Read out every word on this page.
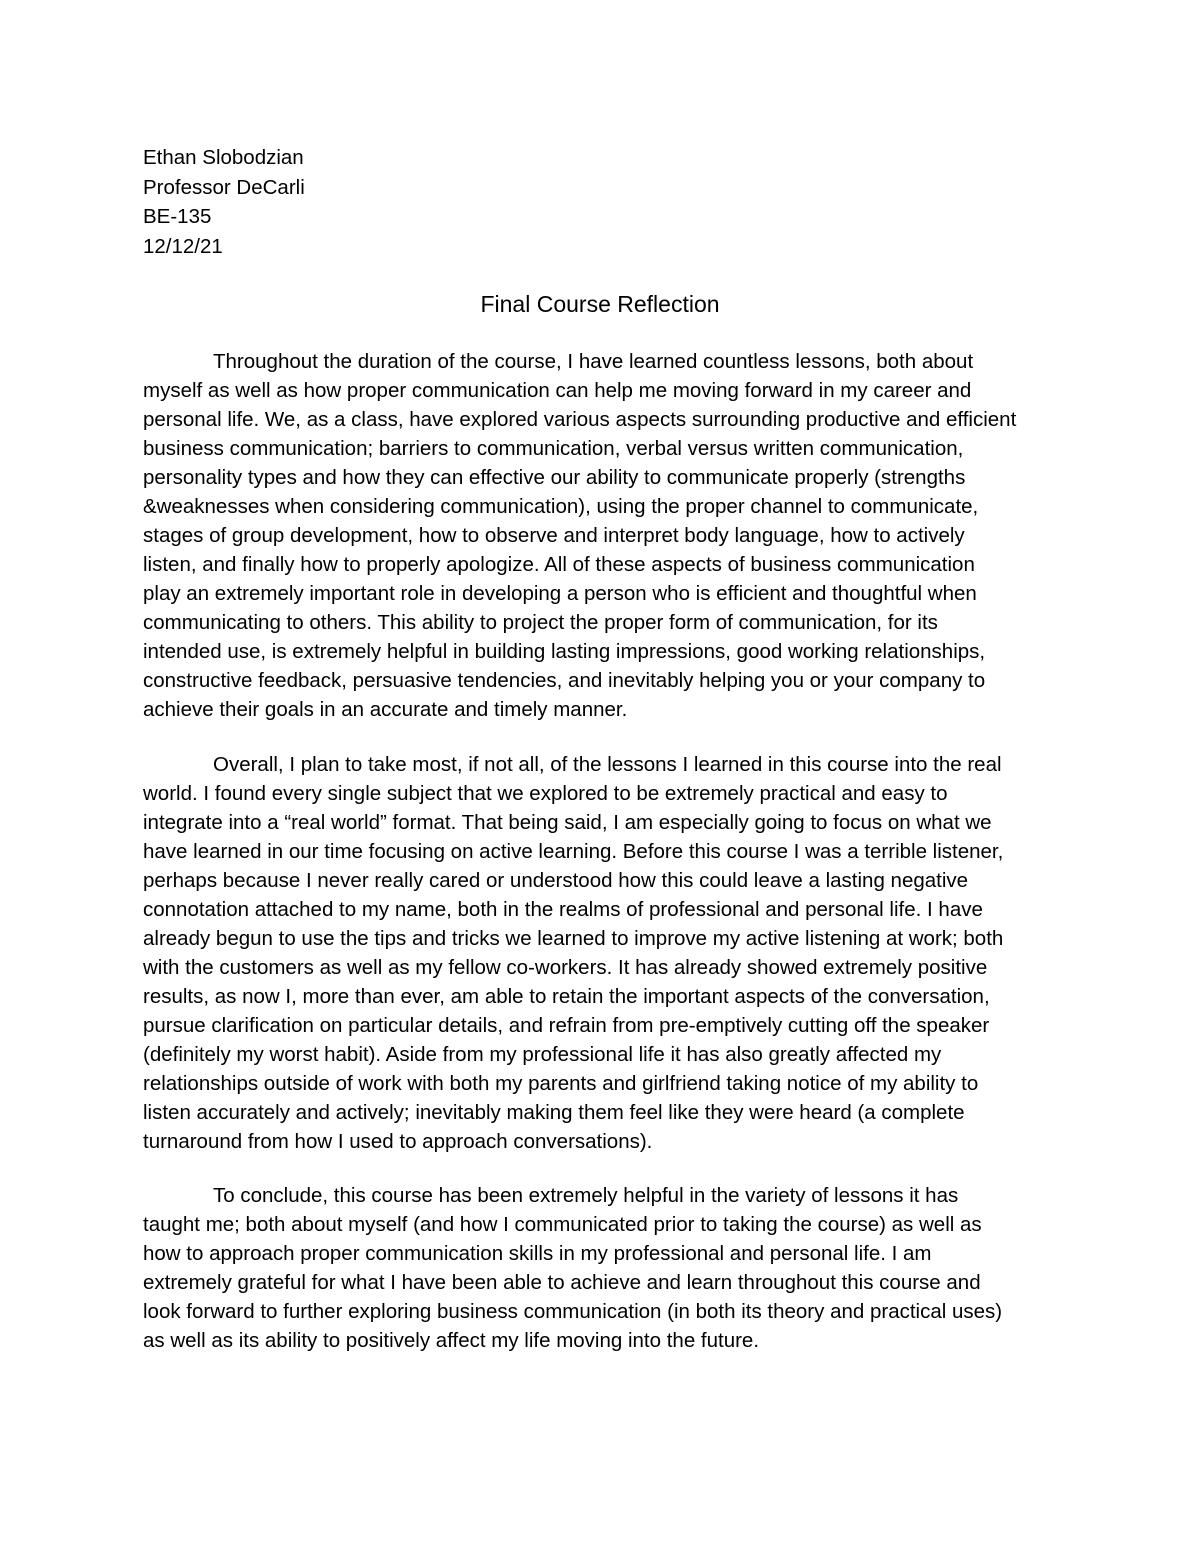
Ethan Slobodzian
Professor DeCarli
BE-135
12/12/21
Final Course Reflection
Throughout the duration of the course, I have learned countless lessons, both about
myself as well as how proper communication can help me moving forward in my career and
personal life. We, as a class, have explored various aspects surrounding productive and efficient
business communication; barriers to communication, verbal versus written communication,
personality types and how they can effective our ability to communicate properly (strengths
&weaknesses when considering communication), using the proper channel to communicate,
stages of group development, how to observe and interpret body language, how to actively
listen, and finally how to properly apologize. All of these aspects of business communication
play an extremely important role in developing a person who is efficient and thoughtful when
communicating to others. This ability to project the proper form of communication, for its
intended use, is extremely helpful in building lasting impressions, good working relationships,
constructive feedback, persuasive tendencies, and inevitably helping you or your company to
achieve their goals in an accurate and timely manner.
Overall, I plan to take most, if not all, of the lessons I learned in this course into the real
world. I found every single subject that we explored to be extremely practical and easy to
integrate into a “real world” format. That being said, I am especially going to focus on what we
have learned in our time focusing on active learning. Before this course I was a terrible listener,
perhaps because I never really cared or understood how this could leave a lasting negative
connotation attached to my name, both in the realms of professional and personal life. I have
already begun to use the tips and tricks we learned to improve my active listening at work; both
with the customers as well as my fellow co-workers. It has already showed extremely positive
results, as now I, more than ever, am able to retain the important aspects of the conversation,
pursue clarification on particular details, and refrain from pre-emptively cutting off the speaker
(definitely my worst habit). Aside from my professional life it has also greatly affected my
relationships outside of work with both my parents and girlfriend taking notice of my ability to
listen accurately and actively; inevitably making them feel like they were heard (a complete
turnaround from how I used to approach conversations).
To conclude, this course has been extremely helpful in the variety of lessons it has
taught me; both about myself (and how I communicated prior to taking the course) as well as
how to approach proper communication skills in my professional and personal life. I am
extremely grateful for what I have been able to achieve and learn throughout this course and
look forward to further exploring business communication (in both its theory and practical uses)
as well as its ability to positively affect my life moving into the future.
